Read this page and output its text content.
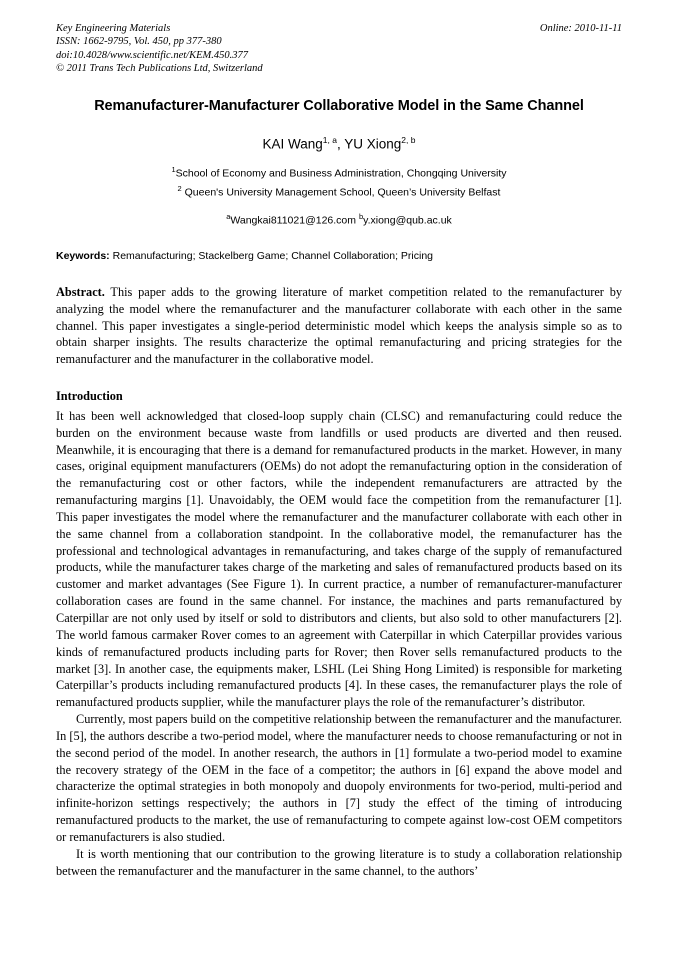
Key Engineering Materials
ISSN: 1662-9795, Vol. 450, pp 377-380
doi:10.4028/www.scientific.net/KEM.450.377
© 2011 Trans Tech Publications Ltd, Switzerland
Online: 2010-11-11
Remanufacturer-Manufacturer Collaborative Model in the Same Channel
KAI Wang$^{1, a}$, YU Xiong$^{2, b}$
$^1$School of Economy and Business Administration, Chongqing University
$^2$ Queen's University Management School, Queen’s University Belfast
$^a$Wangkai811021@126.com $^b$y.xiong@qub.ac.uk
Keywords: Remanufacturing; Stackelberg Game; Channel Collaboration; Pricing
Abstract. This paper adds to the growing literature of market competition related to the remanufacturer by analyzing the model where the remanufacturer and the manufacturer collaborate with each other in the same channel. This paper investigates a single-period deterministic model which keeps the analysis simple so as to obtain sharper insights. The results characterize the optimal remanufacturing and pricing strategies for the remanufacturer and the manufacturer in the collaborative model.
Introduction

It has been well acknowledged that closed-loop supply chain (CLSC) and remanufacturing could reduce the burden on the environment because waste from landfills or used products are diverted and then reused. Meanwhile, it is encouraging that there is a demand for remanufactured products in the market. However, in many cases, original equipment manufacturers (OEMs) do not adopt the remanufacturing option in the consideration of the remanufacturing cost or other factors, while the independent remanufacturers are attracted by the remanufacturing margins [1]. Unavoidably, the OEM would face the competition from the remanufacturer [1]. This paper investigates the model where the remanufacturer and the manufacturer collaborate with each other in the same channel from a collaboration standpoint. In the collaborative model, the remanufacturer has the professional and technological advantages in remanufacturing, and takes charge of the supply of remanufactured products, while the manufacturer takes charge of the marketing and sales of remanufactured products based on its customer and market advantages (See Figure 1). In current practice, a number of remanufacturer-manufacturer collaboration cases are found in the same channel. For instance, the machines and parts remanufactured by Caterpillar are not only used by itself or sold to distributors and clients, but also sold to other manufacturers [2]. The world famous carmaker Rover comes to an agreement with Caterpillar in which Caterpillar provides various kinds of remanufactured products including parts for Rover; then Rover sells remanufactured products to the market [3]. In another case, the equipments maker, LSHL (Lei Shing Hong Limited) is responsible for marketing Caterpillar’s products including remanufactured products [4]. In these cases, the remanufacturer plays the role of remanufactured products supplier, while the manufacturer plays the role of the remanufacturer’s distributor.

Currently, most papers build on the competitive relationship between the remanufacturer and the manufacturer. In [5], the authors describe a two-period model, where the manufacturer needs to choose remanufacturing or not in the second period of the model. In another research, the authors in [1] formulate a two-period model to examine the recovery strategy of the OEM in the face of a competitor; the authors in [6] expand the above model and characterize the optimal strategies in both monopoly and duopoly environments for two-period, multi-period and infinite-horizon settings respectively; the authors in [7] study the effect of the timing of introducing remanufactured products to the market, the use of remanufacturing to compete against low-cost OEM competitors or remanufacturers is also studied.

It is worth mentioning that our contribution to the growing literature is to study a collaboration relationship between the remanufacturer and the manufacturer in the same channel, to the authors’
